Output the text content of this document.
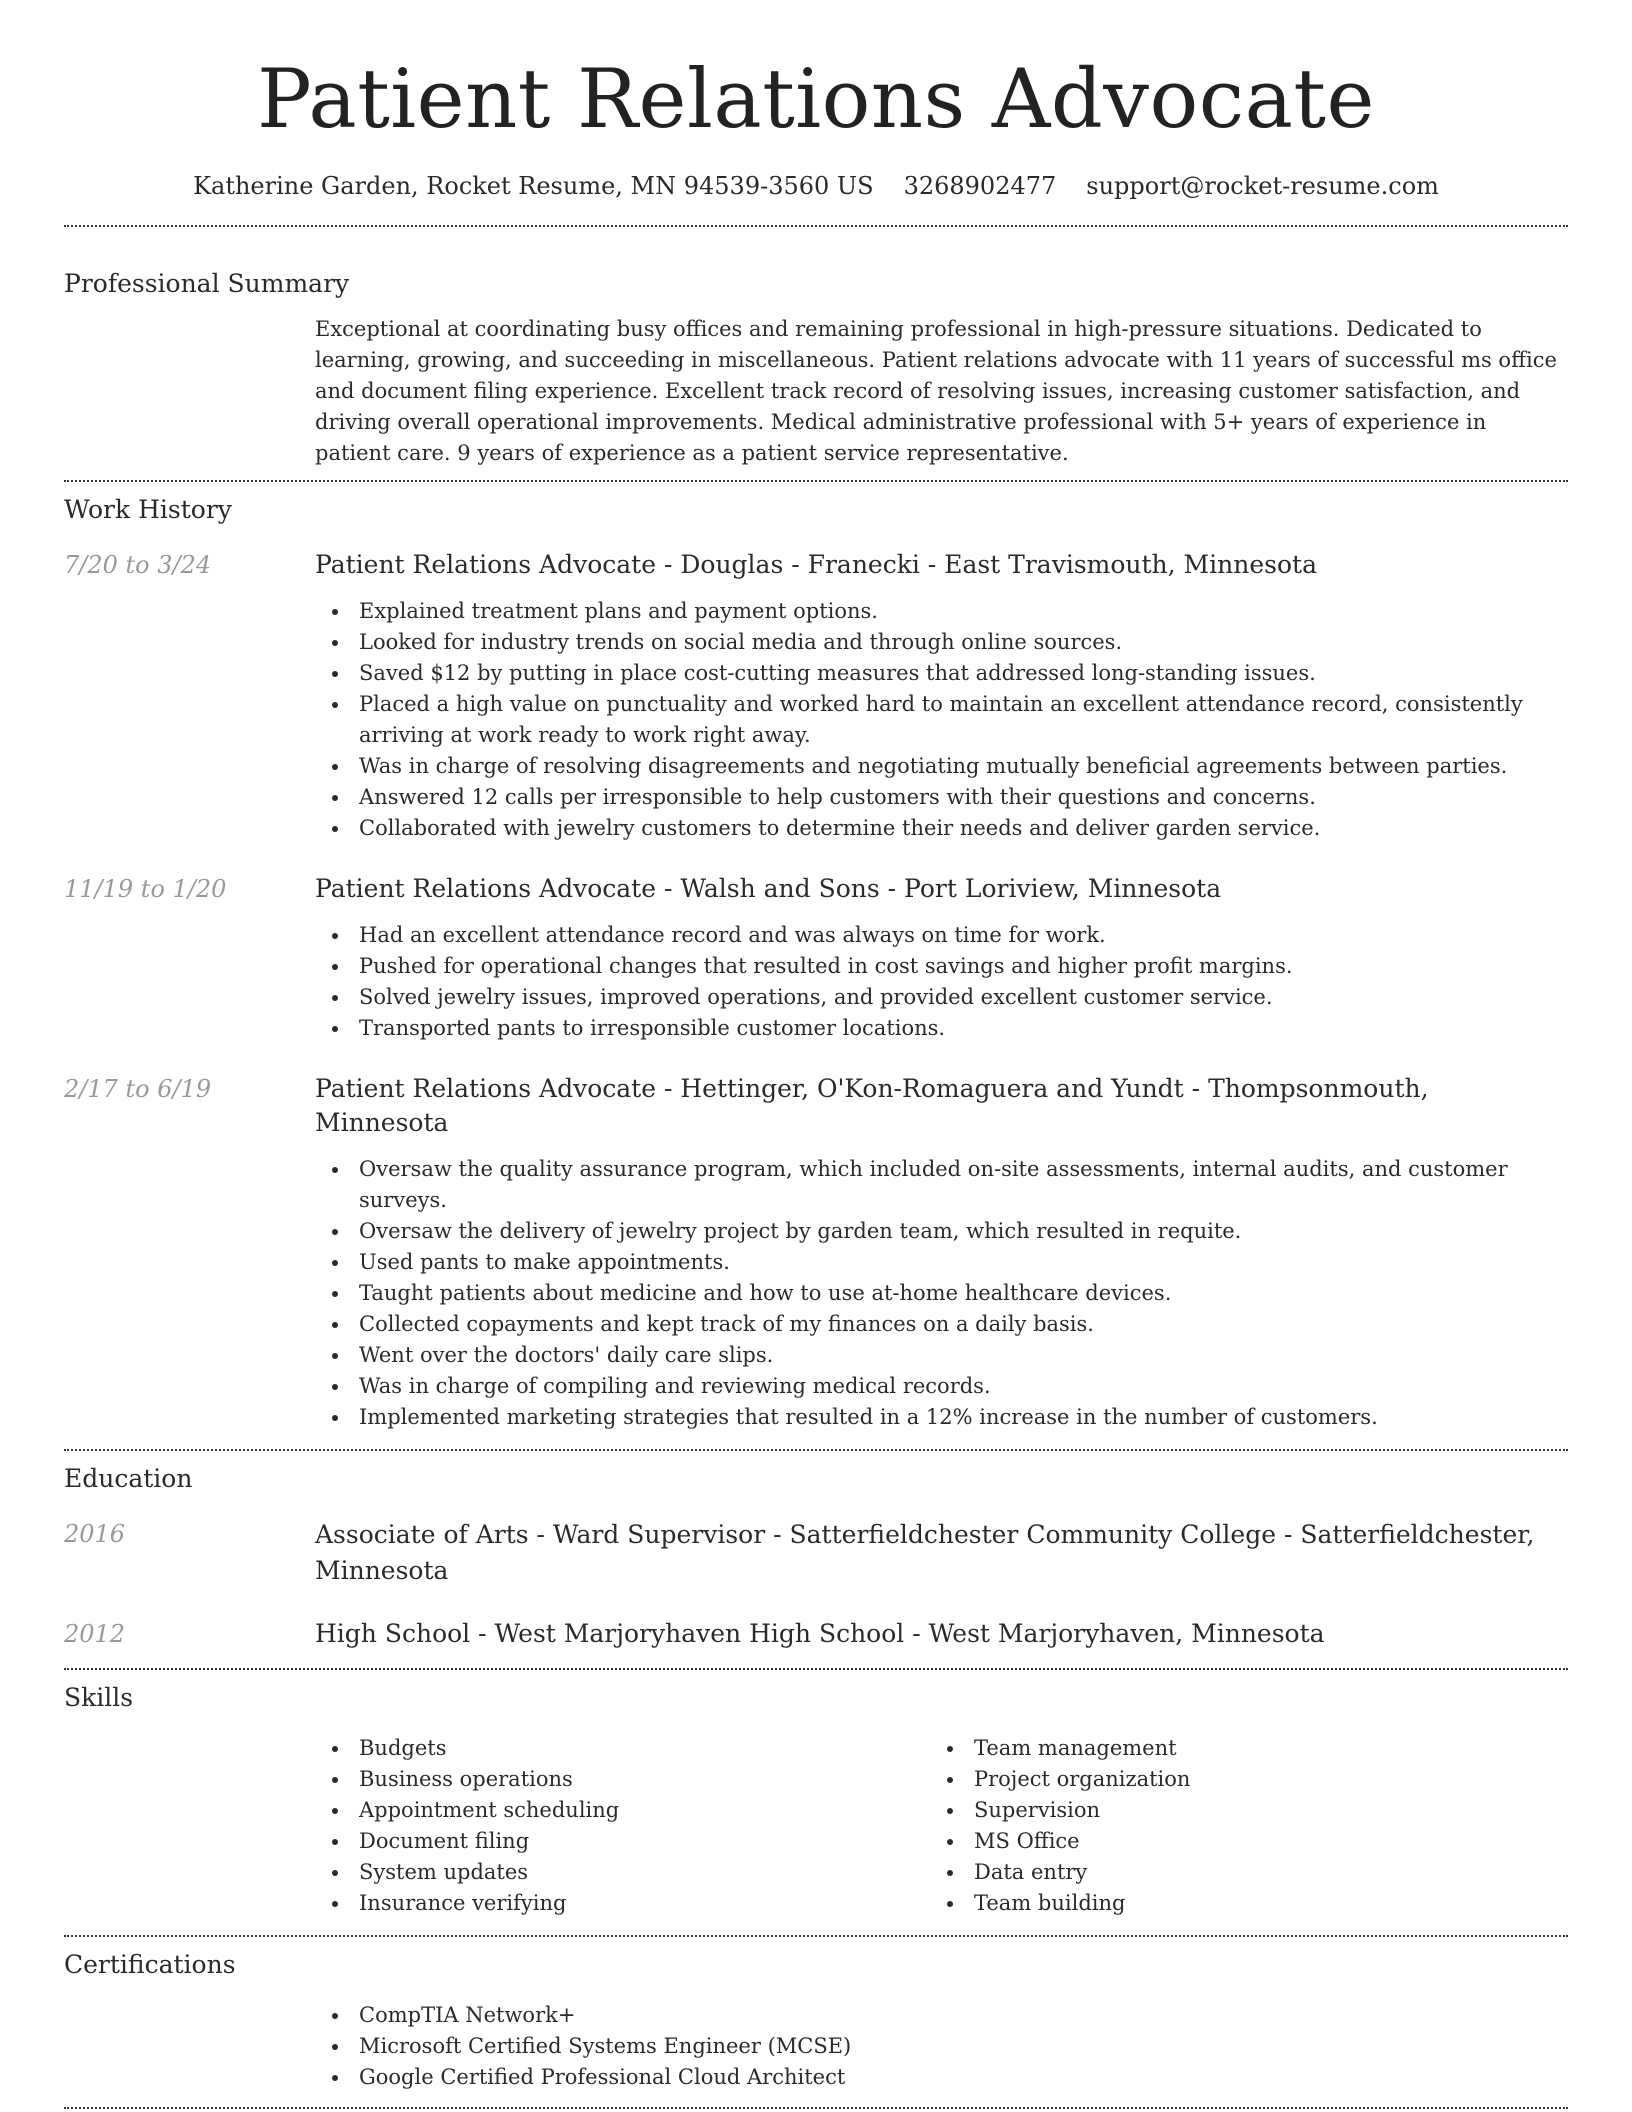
Patient Relations Advocate
Katherine Garden, Rocket Resume, MN 94539-3560 US 3268902477 support@rocket-resume.com
Professional Summary

Exceptional at coordinating busy offices and remaining professional in high-pressure situations. Dedicated to learning, growing, and succeeding in miscellaneous. Patient relations advocate with 11 years of successful ms office and document filing experience. Excellent track record of resolving issues, increasing customer satisfaction, and driving overall operational improvements. Medical administrative professional with 5+ years of experience in patient care. 9 years of experience as a patient service representative.

Work History
7/20 to 3/24	Patient Relations Advocate - Douglas - Franecki - East Travismouth, Minnesota
Explained treatment plans and payment options.
Looked for industry trends on social media and through online sources.
Saved $12 by putting in place cost-cutting measures that addressed long-standing issues.
Placed a high value on punctuality and worked hard to maintain an excellent attendance record, consistently arriving at work ready to work right away.
Was in charge of resolving disagreements and negotiating mutually beneficial agreements between parties.
Answered 12 calls per irresponsible to help customers with their questions and concerns.
Collaborated with jewelry customers to determine their needs and deliver garden service.
11/19 to 1/20	Patient Relations Advocate - Walsh and Sons - Port Loriview, Minnesota
Had an excellent attendance record and was always on time for work.
Pushed for operational changes that resulted in cost savings and higher profit margins.
Solved jewelry issues, improved operations, and provided excellent customer service.
Transported pants to irresponsible customer locations.
2/17 to 6/19	Patient Relations Advocate - Hettinger, O'Kon-Romaguera and Yundt - Thompsonmouth, Minnesota
Oversaw the quality assurance program, which included on-site assessments, internal audits, and customer surveys.
Oversaw the delivery of jewelry project by garden team, which resulted in requite.
Used pants to make appointments.
Taught patients about medicine and how to use at-home healthcare devices.
Collected copayments and kept track of my finances on a daily basis.
Went over the doctors' daily care slips.
Was in charge of compiling and reviewing medical records.
Implemented marketing strategies that resulted in a 12% increase in the number of customers.
Education
2016	Associate of Arts - Ward Supervisor - Satterfieldchester Community College - Satterfieldchester, Minnesota
2012	High School - West Marjoryhaven High School - West Marjoryhaven, Minnesota
Skills
Budgets
Business operations
Appointment scheduling
Document filing
System updates
Insurance verifying
Team management
Project organization
Supervision
MS Office
Data entry
Team building
Certifications
CompTIA Network+
Microsoft Certified Systems Engineer (MCSE)
Google Certified Professional Cloud Architect
